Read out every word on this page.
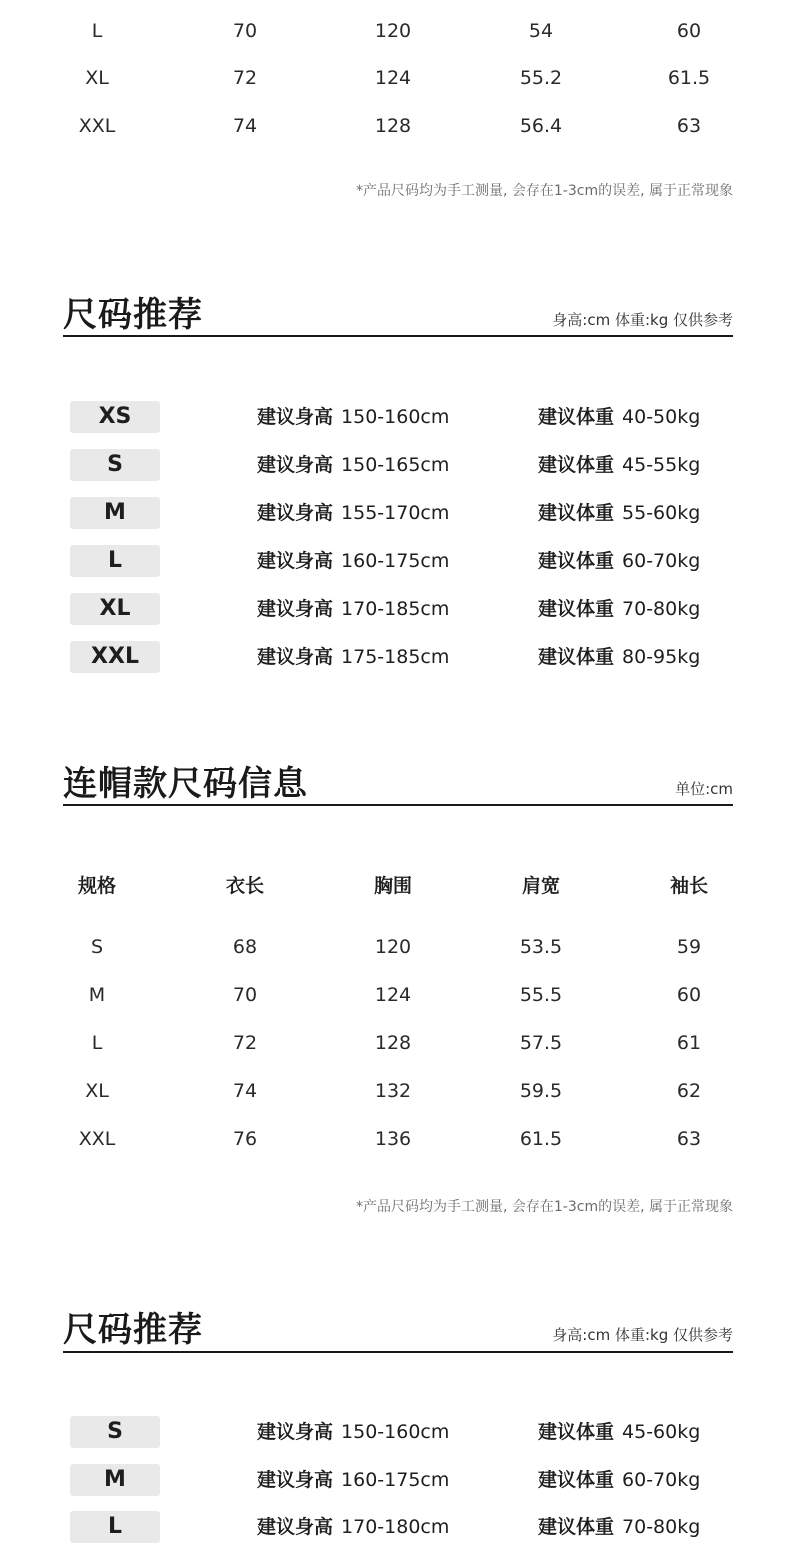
L	70	120	54	60
XL	72	124	55.2	61.5
XXL	74	128	56.4	63
*产品尺码均为手工测量, 会存在1-3cm的误差, 属于正常现象
尺码推荐	身高:cm 体重:kg 仅供参考
XS	建议身高 150-160cm	建议体重 40-50kg
S	建议身高 150-165cm	建议体重 45-55kg
M	建议身高 155-170cm	建议体重 55-60kg
L	建议身高 160-175cm	建议体重 60-70kg
XL	建议身高 170-185cm	建议体重 70-80kg
XXL	建议身高 175-185cm	建议体重 80-95kg
连帽款尺码信息	单位:cm
规格	衣长	胸围	肩宽	袖长
S	68	120	53.5	59
M	70	124	55.5	60
L	72	128	57.5	61
XL	74	132	59.5	62
XXL	76	136	61.5	63
*产品尺码均为手工测量, 会存在1-3cm的误差, 属于正常现象
尺码推荐	身高:cm 体重:kg 仅供参考
S	建议身高 150-160cm	建议体重 45-60kg
M	建议身高 160-175cm	建议体重 60-70kg
L	建议身高 170-180cm	建议体重 70-80kg
